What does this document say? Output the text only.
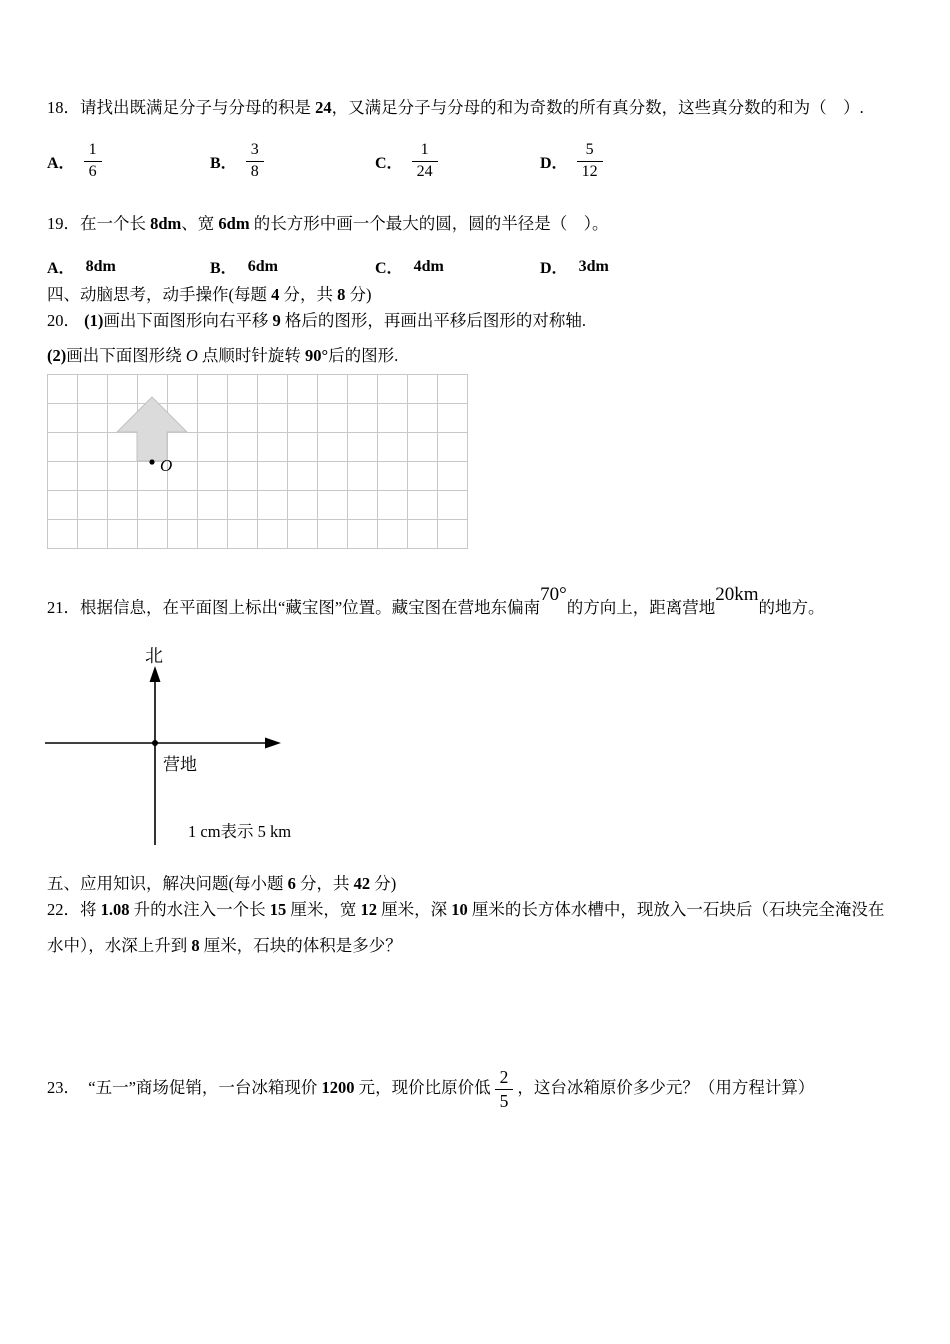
18．请找出既满足分子与分母的积是 24，又满足分子与分母的和为奇数的所有真分数，这些真分数的和为（　）.

A． $\frac{1}{6}$	B． $\frac{3}{8}$	C． $\frac{1}{24}$	D． $\frac{5}{12}$

19．在一个长 8dm、宽 6dm 的长方形中画一个最大的圆，圆的半径是（　）。

A． 8dm	B． 6dm	C． 4dm	D． 3dm

四、动脑思考，动手操作(每题 4 分，共 8 分)

20． (1)画出下面图形向右平移 9 格后的图形，再画出平移后图形的对称轴.

(2)画出下面图形绕 O 点顺时针旋转 90°后的图形.

O

21．根据信息，在平面图上标出“藏宝图”位置。藏宝图在营地东偏南70°的方向上，距离营地20km的地方。

北
营地
1 cm表示 5 km

五、应用知识，解决问题(每小题 6 分，共 42 分)

22．将 1.08 升的水注入一个长 15 厘米，宽 12 厘米，深 10 厘米的长方体水槽中，现放入一石块后（石块完全淹没在

水中），水深上升到 8 厘米，石块的体积是多少？

23．　“五一”商场促销，一台冰箱现价 1200 元，现价比原价低 $\frac{2}{5}$ ，这台冰箱原价多少元？（用方程计算）
